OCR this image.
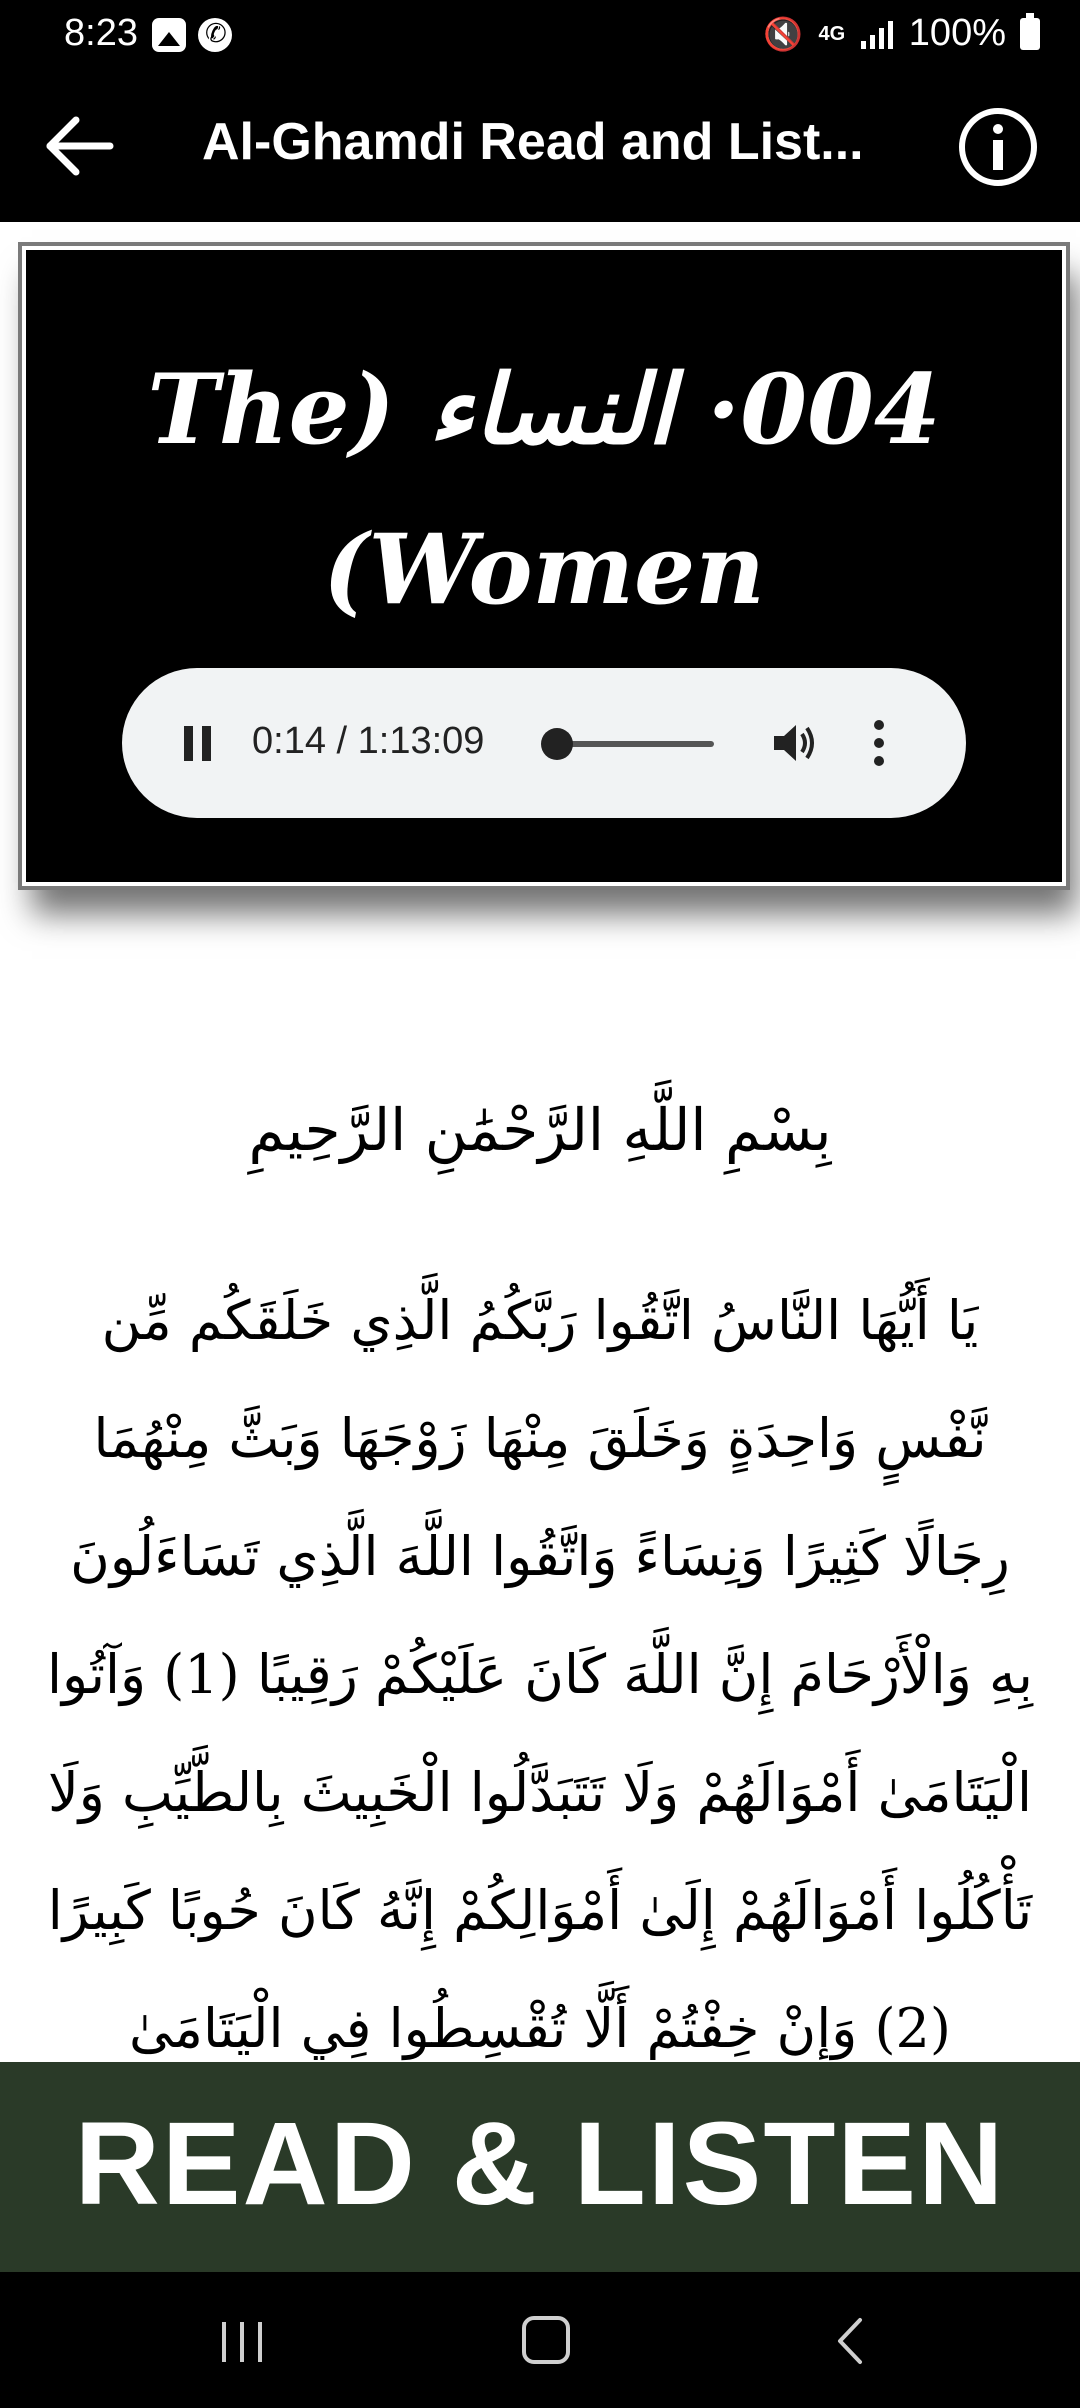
8:23
✆	🔇 4G 100%
Al-Ghamdi Read and List...
004· النساء (The Women)
0:14 / 1:13:09
بِسْمِ اللَّهِ الرَّحْمَٰنِ الرَّحِيمِ
يَا أَيُّهَا النَّاسُ اتَّقُوا رَبَّكُمُ الَّذِي خَلَقَكُم مِّن نَّفْسٍ وَاحِدَةٍ وَخَلَقَ مِنْهَا زَوْجَهَا وَبَثَّ مِنْهُمَا رِجَالًا كَثِيرًا وَنِسَاءً وَاتَّقُوا اللَّهَ الَّذِي تَسَاءَلُونَ بِهِ وَالْأَرْحَامَ إِنَّ اللَّهَ كَانَ عَلَيْكُمْ رَقِيبًا (1) وَآتُوا الْيَتَامَىٰ أَمْوَالَهُمْ وَلَا تَتَبَدَّلُوا الْخَبِيثَ بِالطَّيِّبِ وَلَا تَأْكُلُوا أَمْوَالَهُمْ إِلَىٰ أَمْوَالِكُمْ إِنَّهُ كَانَ حُوبًا كَبِيرًا (2) وَإِنْ خِفْتُمْ أَلَّا تُقْسِطُوا فِي الْيَتَامَىٰ
READ & LISTEN
